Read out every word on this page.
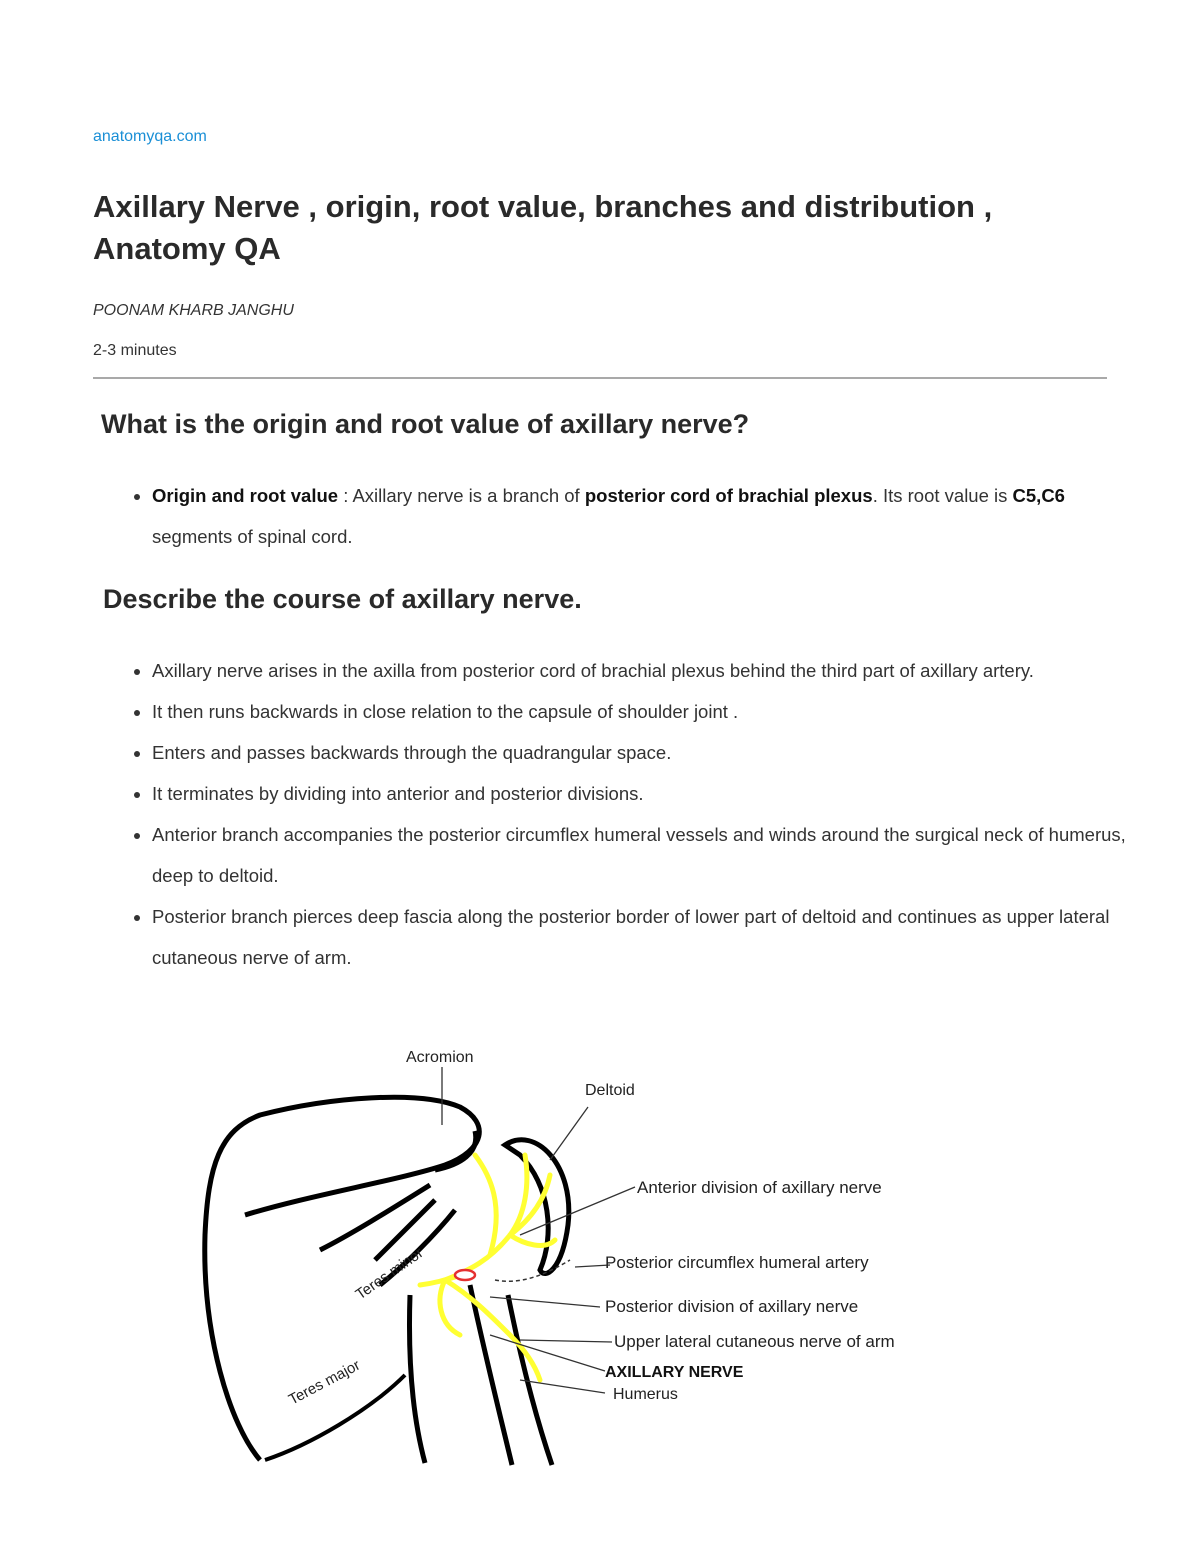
anatomyqa.com
Axillary Nerve , origin, root value, branches and distribution , Anatomy QA
POONAM KHARB JANGHU
2-3 minutes
What is the origin and root value of axillary nerve?
• Origin and root value : Axillary nerve is a branch of posterior cord of brachial plexus. Its root value is C5,C6 segments of spinal cord.
Describe the course of axillary nerve.
• Axillary nerve arises in the axilla from posterior cord of brachial plexus behind the third part of axillary artery.
• It then runs backwards in close relation to the capsule of shoulder joint .
• Enters and passes backwards through the quadrangular space.
• It terminates by dividing into anterior and posterior divisions.
• Anterior branch accompanies the posterior circumflex humeral vessels and winds around the surgical neck of humerus, deep to deltoid.
• Posterior branch pierces deep fascia along the posterior border of lower part of deltoid and continues as upper lateral cutaneous nerve of arm.
Acromion
Deltoid
Anterior division of axillary nerve
Posterior circumflex humeral artery
Posterior division of axillary nerve
Upper lateral cutaneous nerve of arm
AXILLARY NERVE
Humerus
Teres minor
Teres major
